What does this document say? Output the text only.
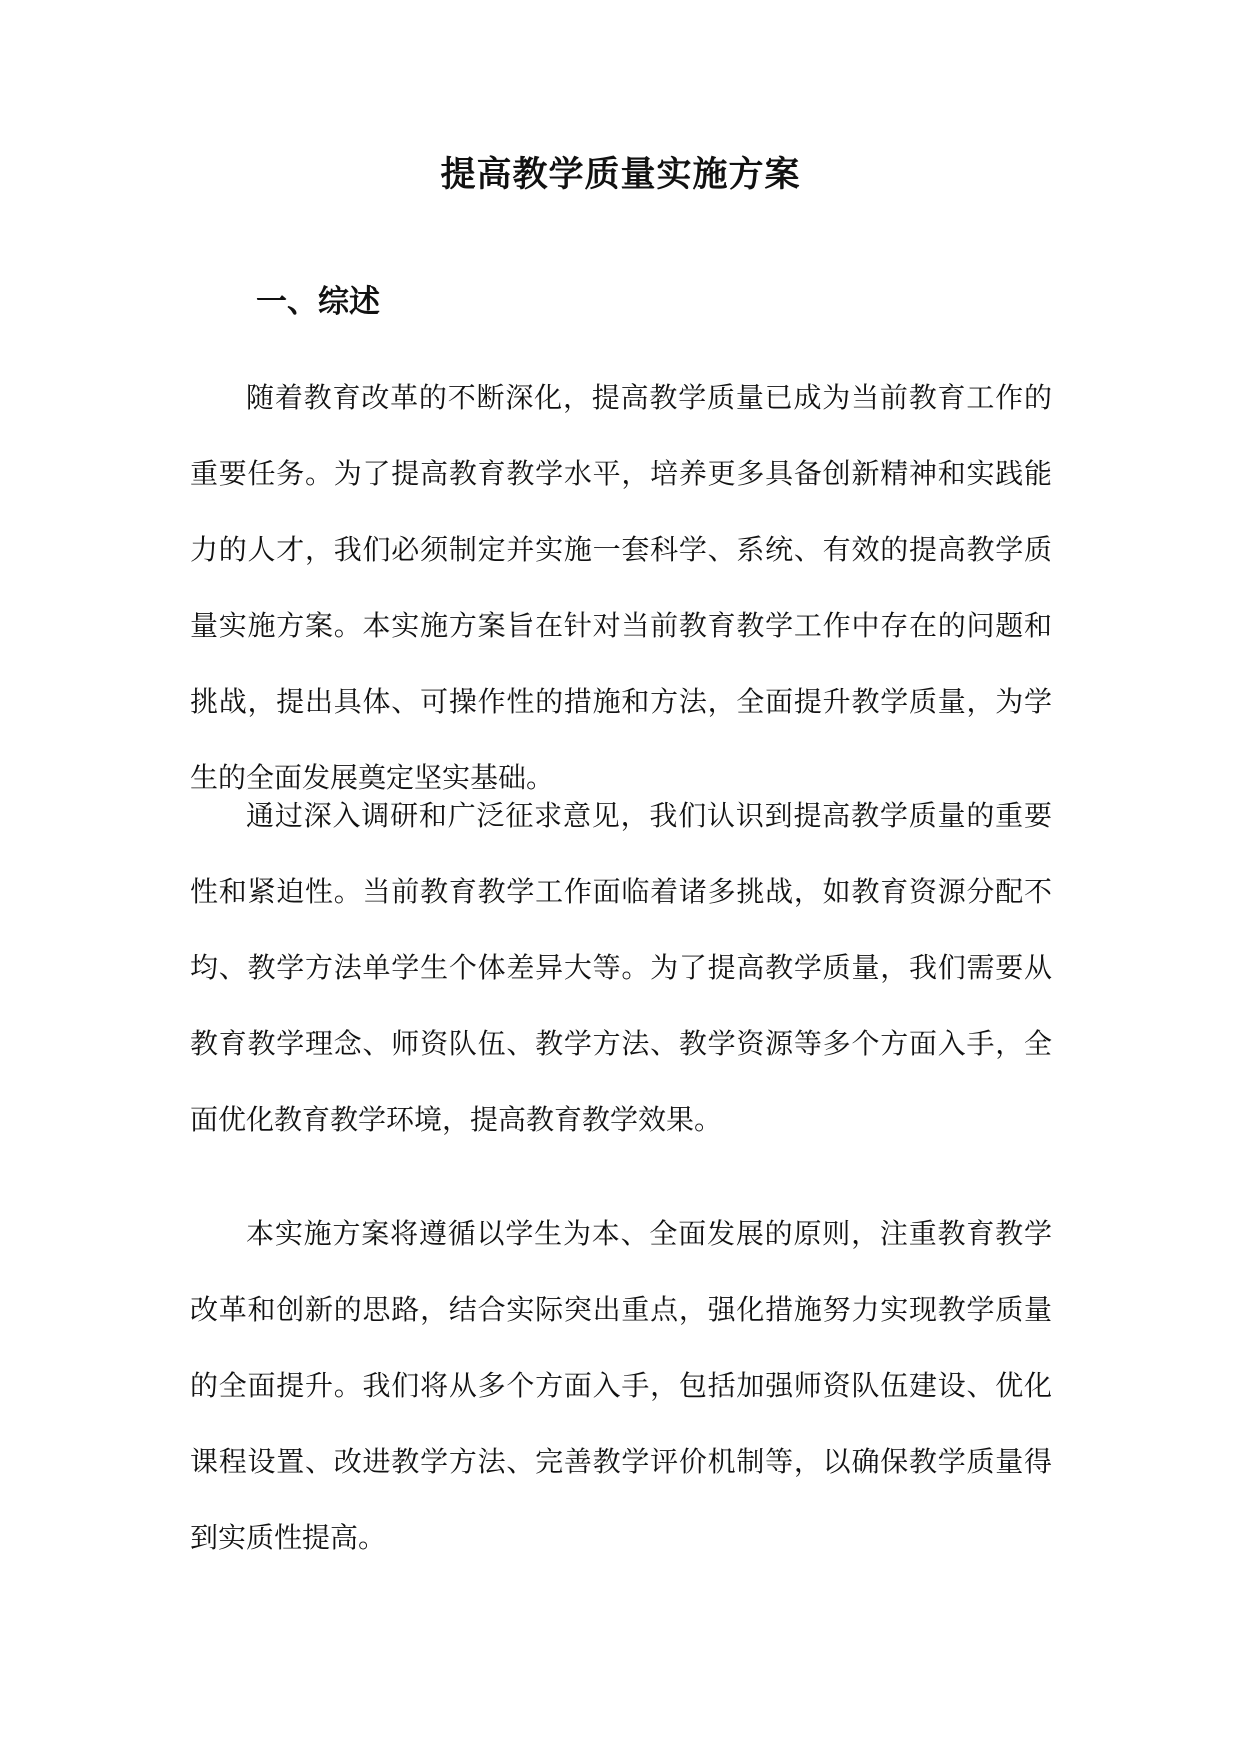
提高教学质量实施方案
一、综述

随着教育改革的不断深化，提高教学质量已成为当前教育工作的重要任务。为了提高教育教学水平，培养更多具备创新精神和实践能力的人才，我们必须制定并实施一套科学、系统、有效的提高教学质量实施方案。本实施方案旨在针对当前教育教学工作中存在的问题和挑战，提出具体、可操作性的措施和方法，全面提升教学质量，为学生的全面发展奠定坚实基础。

通过深入调研和广泛征求意见，我们认识到提高教学质量的重要性和紧迫性。当前教育教学工作面临着诸多挑战，如教育资源分配不均、教学方法单学生个体差异大等。为了提高教学质量，我们需要从教育教学理念、师资队伍、教学方法、教学资源等多个方面入手，全面优化教育教学环境，提高教育教学效果。

本实施方案将遵循以学生为本、全面发展的原则，注重教育教学改革和创新的思路，结合实际突出重点，强化措施努力实现教学质量的全面提升。我们将从多个方面入手，包括加强师资队伍建设、优化课程设置、改进教学方法、完善教学评价机制等，以确保教学质量得到实质性提高。
